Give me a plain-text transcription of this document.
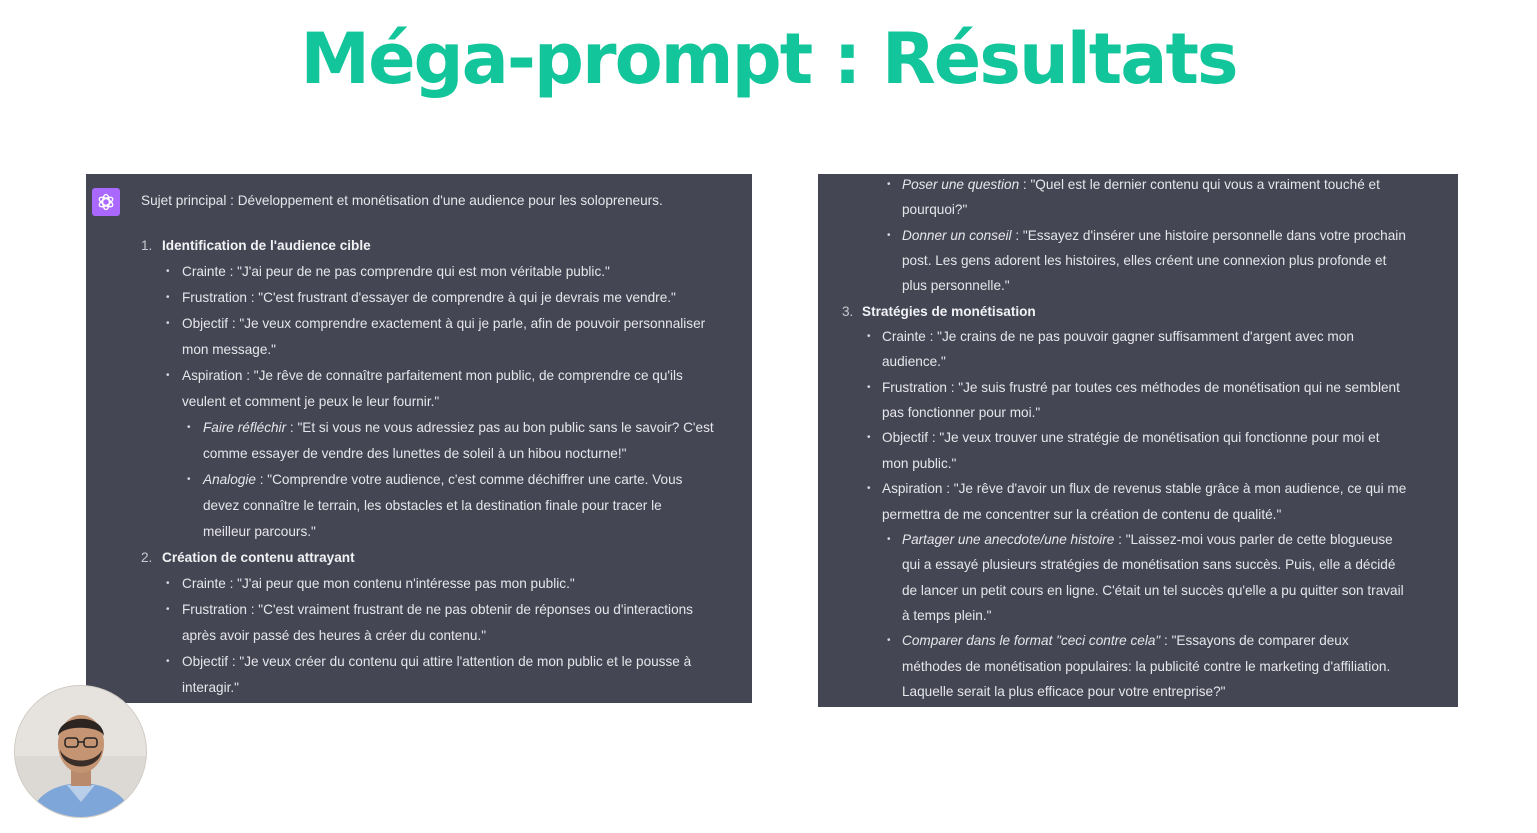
Méga-prompt : Résultats
Sujet principal : Développement et monétisation d'une audience pour les solopreneurs.
1. Identification de l'audience cible
• Crainte : "J'ai peur de ne pas comprendre qui est mon véritable public."
• Frustration : "C'est frustrant d'essayer de comprendre à qui je devrais me vendre."
• Objectif : "Je veux comprendre exactement à qui je parle, afin de pouvoir personnaliser
mon message."
• Aspiration : "Je rêve de connaître parfaitement mon public, de comprendre ce qu'ils
veulent et comment je peux le leur fournir."
• Faire réfléchir : "Et si vous ne vous adressiez pas au bon public sans le savoir? C'est
comme essayer de vendre des lunettes de soleil à un hibou nocturne!"
• Analogie : "Comprendre votre audience, c'est comme déchiffrer une carte. Vous
devez connaître le terrain, les obstacles et la destination finale pour tracer le
meilleur parcours."
2. Création de contenu attrayant
• Crainte : "J'ai peur que mon contenu n'intéresse pas mon public."
• Frustration : "C'est vraiment frustrant de ne pas obtenir de réponses ou d'interactions
après avoir passé des heures à créer du contenu."
• Objectif : "Je veux créer du contenu qui attire l'attention de mon public et le pousse à
interagir."
• Poser une question : "Quel est le dernier contenu qui vous a vraiment touché et
pourquoi?"
• Donner un conseil : "Essayez d'insérer une histoire personnelle dans votre prochain
post. Les gens adorent les histoires, elles créent une connexion plus profonde et
plus personnelle."
3. Stratégies de monétisation
• Crainte : "Je crains de ne pas pouvoir gagner suffisamment d'argent avec mon
audience."
• Frustration : "Je suis frustré par toutes ces méthodes de monétisation qui ne semblent
pas fonctionner pour moi."
• Objectif : "Je veux trouver une stratégie de monétisation qui fonctionne pour moi et
mon public."
• Aspiration : "Je rêve d'avoir un flux de revenus stable grâce à mon audience, ce qui me
permettra de me concentrer sur la création de contenu de qualité."
• Partager une anecdote/une histoire : "Laissez-moi vous parler de cette blogueuse
qui a essayé plusieurs stratégies de monétisation sans succès. Puis, elle a décidé
de lancer un petit cours en ligne. C'était un tel succès qu'elle a pu quitter son travail
à temps plein."
• Comparer dans le format "ceci contre cela" : "Essayons de comparer deux
méthodes de monétisation populaires: la publicité contre le marketing d'affiliation.
Laquelle serait la plus efficace pour votre entreprise?"
